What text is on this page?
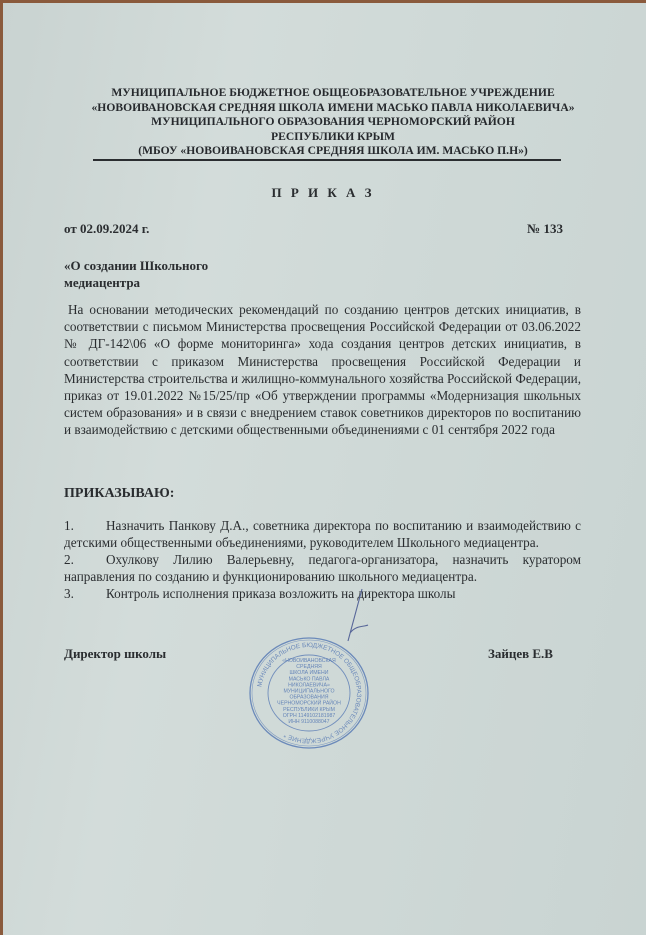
МУНИЦИПАЛЬНОЕ БЮДЖЕТНОЕ ОБЩЕОБРАЗОВАТЕЛЬНОЕ УЧРЕЖДЕНИЕ
«НОВОИВАНОВСКАЯ СРЕДНЯЯ ШКОЛА ИМЕНИ МАСЬКО ПАВЛА НИКОЛАЕВИЧА»
МУНИЦИПАЛЬНОГО ОБРАЗОВАНИЯ ЧЕРНОМОРСКИЙ РАЙОН
РЕСПУБЛИКИ КРЫМ
(МБОУ «НОВОИВАНОВСКАЯ СРЕДНЯЯ ШКОЛА ИМ. МАСЬКО П.Н»)
П Р И К А З
от 02.09.2024 г.	№ 133
«О создании Школьного
медиацентра
На основании методических рекомендаций по созданию центров детских инициатив, в соответствии с письмом Министерства просвещения Российской Федерации от 03.06.2022 № ДГ-142\06 «О форме мониторинга» хода создания центров детских инициатив, в соответствии с приказом Министерства просвещения Российской Федерации и Министерства строительства и жилищно-коммунального хозяйства Российской Федерации, приказ от 19.01.2022 №15/25/пр «Об утверждении программы «Модернизация школьных систем образования» и в связи с внедрением ставок советников директоров по воспитанию и взаимодействию с детскими общественными объединениями с 01 сентября 2022 года
ПРИКАЗЫВАЮ:
1. Назначить Панкову Д.А., советника директора по воспитанию и взаимодействию с детскими общественными объединениями, руководителем Школьного медиацентра.
2. Охулкову Лилию Валерьевну, педагога-организатора, назначить куратором направления по созданию и функционированию школьного медиацентра.
3. Контроль исполнения приказа возложить на директора школы
Директор школы	Зайцев Е.В
МУНИЦИПАЛЬНОЕ БЮДЖЕТНОЕ ОБЩЕОБРАЗОВАТЕЛЬНОЕ УЧРЕЖДЕНИЕ *
«НОВОИВАНОВСКАЯ
СРЕДНЯЯ
ШКОЛА ИМЕНИ
МАСЬКО ПАВЛА
НИКОЛАЕВИЧА»
МУНИЦИПАЛЬНОГО
ОБРАЗОВАНИЯ
ЧЕРНОМОРСКИЙ РАЙОН
РЕСПУБЛИКИ КРЫМ
ОГРН 1149102181987
ИНН 9110088047
